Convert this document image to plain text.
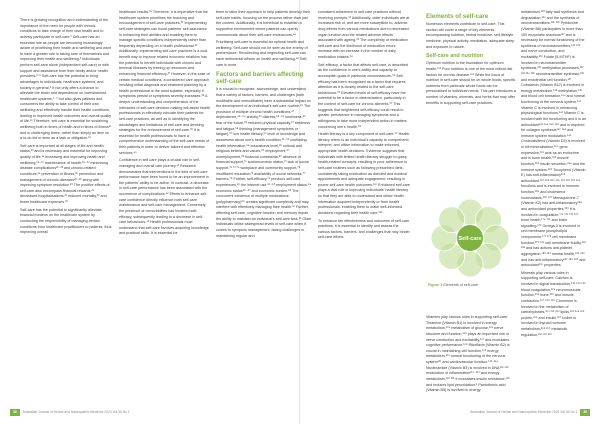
There is growing recognition and understanding of the importance of the need for people with chronic conditions to take charge of their own health and to actively participate in self-care.¹ Self-care has an essential role as people are becoming increasingly aware of prioritising their health and wellbeing and want to have a greater role in taking care of themselves and improving their health and wellbeing.² Individuals perform self-care alone (independent self-care) or with support and assistance from their family and/or health providers.³⁻⁵ Self-care has the potential to bring advantages to individuals, healthcare systems, and society in general.⁶ It not only offers a chance to alleviate the strain and dependence on overwhelmed healthcare systems,⁷⁻⁹ but also gives patients and consumers the ability to take control of their own wellbeing and effectively handle their health conditions, leading to improved health outcomes and overall quality of life.¹⁰ Therefore, self-care is essential for sustaining wellbeing both in times of health and in times of illness¹¹ and in challenging times, rather than simply an item on a to-do list or seen as a task or obligation.¹²

Self-care is important at all stages of life and health status,¹³ and is necessary and essential for improving quality of life,¹⁴ increasing and improving health and wellbeing,¹⁵⁻¹⁷ maintenance of health,¹⁸⁻²⁰ minimising disease complications²¹⁻²³ and chronic-related conditions,²⁴ prevention of illness,²⁵ prevention and management of chronic diseases²⁶⁻²⁸ along with improving symptom resolution.²⁹ The positive effects of self-care also encompass financial rewards,³⁰ decreased hospitalisations,³¹ reduced mortality,³² and fewer healthcare expenses.³³

Self-care has the potential to significantly alleviate financial burdens on the healthcare system by conducting the responsibility of managing certain conditions from healthcare practitioners to patients, thus improving overall

healthcare results.³⁴ Therefore, it is imperative that the healthcare system prioritises the teaching and encouragement of self-care practices.³⁵ Implementing self-care strategies can boost patients' self-assurance in enhancing their abilities and enabling them to manage specific conditions independently rather than frequently depending on a health professional.³⁶ Additionally, implementing self-care practices is a cost-benefit way to improve related economic relations has the potential to benefit individuals with chronic and terminal illnesses by freeing up resources and enhancing financial efficiency.³⁷ However, in the case of certain medical conditions, a considered care approach involving initial diagnosis and treatment planning by a health professional is the most suitable, especially if symptoms persist or symptoms severity increases.³⁸ A deeper understanding and comprehension of the intricacies of self-care decision-making will assist health professionals in effectively educate their patients for self-care practices, as well as in identifying the advantages and limitations of self-care and devising strategies for the enhancement of self-care.³⁹ It is essential for health professionals to have a comprehensive understanding of the self-care needs of their patients in order to deliver tailored and effective services.⁴⁰

Confidence in self-care plays a crucial role in self-managing and overall care journey.⁴¹ Research demonstrates that interventions in the field of self-care performance have been found to be an improvement in the patients' ability to be active. In contrast, a decrease in self-care performance has been associated with the occurrence of complications.⁴² Efforts to enhance self-care confidence directly influence both self-care maintenance and self-care management. Conversely, the presence of comorbidities has hindered self-efficacy, subsequently leading to a decrease in self-care behaviours.⁴³ Health professionals must understand that self-care involves acquiring knowledge and practical skills. It is essential for

them to tailor their approach to help patients develop their self-care habits, focusing on the process rather than just the content. Additionally, it is beneficial to establish a supportive environment where patients can openly communicate about their self-care endeavours.⁴⁴

Prioritising self-care is essential for optimal health and wellbeing. Self-care should not be seen as the enemy of performance. Recollecting and neglecting self-care can have detrimental effects on health and wellbeing.⁴⁵ Self-care is more.

Factors and barriers affecting self-care

It is crucial to recognise, acknowledge, and understand that a variety of factors, barriers, and challenges (both modifiable and unmodifiable) have a substantial impact on the development of an individual's self-care routine.⁴⁶ The provision of multiple chronic health conditions,⁴⁷ dependence,⁴⁸⁻⁵⁰ anxiety,⁵¹ distress,⁵²⁻⁵⁴ loneliness,⁵⁵ fear of the future,⁵⁶ reduced physical capacity,⁵⁷ tiredness and fatigue,⁵⁸ thinking (management symptoms or fatigue),⁵⁹ low health literacy,⁶⁰ level of knowledge and awareness about one's health condition,⁶¹⁻⁶³ conflicting health information,⁶⁴ educational level,⁶⁵ cultural and religious beliefs and values,⁶⁶ employment,⁶⁷ unemployment,⁶⁸ financial constraints,⁶⁹ absence of financial support,⁷⁰ socioeconomic status,⁷¹ lack of social support,⁷² ⁷³ ⁷⁴ workplace and community support,⁷⁵ insufficient education⁷⁶ availability of social networks,⁷⁷ barriers,⁷⁸ Further, self-efficacy,⁷⁹ previous self-care experiences,⁸⁰ the internet use,⁸¹⁻⁸³ employment status,⁸⁴ economic status⁸⁵⁻⁸⁷ and economic burden.⁸⁸ The concurrent existence of multiple medications (polypharmacy)⁸⁹ creates significant complexity and may interfere with effectively managing their health.⁹⁰ Further affecting self-care, cognitive function and memory impair the ability to maintain an individual's self-care task.⁹¹ Older individuals utilise widespread levels of self-care when it comes to symptom management, facing challenges in maintaining regular and

consistent adherence to self-care practices without receiving prompts.⁹² Additionally, older individuals are at increased risk of, and are more susceptible to, adverse drug effects from various medications due to decreased organ function and the related adverse effects associated with ageing.⁹³ The complexity of medication self-care and the likelihood of medication errors increase with an increase in the number of daily medication intakes.⁹⁴

Self-efficacy, a factor that affects self-care, is described as the confidence in one's ability and capacity to accomplish goals in particular circumstances.⁹⁵ Self-efficacy has been recognised as a factor that requires attention as it is closely related to the self-care behaviours.⁹⁶ Elevated levels of self-efficacy have the potential to be a factor in determination, particularly in the context of self-care for chronic ailments.⁹⁷ This suggests that heightened self-efficacy could result in greater persistence in managing symptoms and a willingness to take more independent action in matters concerning one's health.⁹⁸

Health literacy is a key component of self-care.⁹⁹ Health literacy refers to an individual's capacity to comprehend, interpret, and utilise information to make informed, appropriate health decisions. Evidence suggests that individuals with limited health literacy struggle to grasp health-related concepts, resulting in poor adherence to self-care routines such as following prescribed diets, consistently taking medication as directed and medical appointments and adequate engagement, resulting in poorer self-care health outcomes.¹⁰⁰ Enhanced self-care plays a vital role in improving individuals' health literacy so that they are able to understand and utilise health information acquired independently or from health professionals, enabling them to make well-informed decisions regarding their health care.¹⁰¹

To enhance the effectiveness and outcomes of self-care practices, it is essential to identify and assess the various factors, barriers, and challenges that may hinder self-care efforts.

Elements of self-care

Numerous elements contribute to self-care. This section will cover a range of key elements, encompassing nutrition, herbal medicine, self-lifestyle medicine, physical activity, meditation, adequate sleep and exposure to nature.

Self-care and nutrition

Optimum nutrition is the foundation for optimum health.¹⁰² Poor nutrition is one of the most critical risk factors for chronic disease.¹⁰³ While the focus of nutrition in self-care should be on whole foods, specific nutrients from particular whole foods can be personalised to individual needs. This part introduces a number of vitamins, minerals, and herbs that may offer benefits in supporting self-care practices.

Vitamins play various roles in supporting self-care. Thiamine (Vitamin B1) is involved in energy metabolism,¹⁰⁴ metabolism of glucose,¹⁰⁵ nerve structure and function,¹⁰⁶ plays an important role in nerve conduction and excitability,¹⁰⁷ and modulates cognitive performance.¹⁰⁸ Riboflavin (Vitamin B2) is crucial in maintaining cell function,¹⁰⁹ energy metabolism,¹¹⁰ normal functioning of the nervous system¹¹¹ and cardiovascular function.¹¹²⁻¹¹⁴ Nicotinamide (Vitamin B3) is involved in DNA¹¹⁵ ¹¹⁶ modulation of inflammation¹¹⁷⁻¹¹⁹ and energy metabolism,¹²⁰ ¹²¹ it modulates insulin resistance,¹²² and reduces lipid peroxidation.¹ Pantothenic acid (Vitamin B5) is involved in energy

metabolism,¹²³ fatty acid synthesis and degradation,¹²⁴ and the synthesis of neurotransmitters.¹²⁵ ¹²⁶ Pyridoxine (Vitamin B6) participates in more than 100 enzymatic reactions¹²⁷ and is necessary for normal functioning of the synthesis of neurotransmitters,¹²⁸ ¹²⁹ and nerve conduction, and excitability.¹³⁰ Folate (5-MTHF) is involved in neurotransmitter synthesis,¹³¹ methylation processes,¹³² ¹³³ ¹³⁴ ¹³⁵ neurotransmitter synthesis,¹³⁶ and endothelial cell function.¹³⁷ Cobalamin (Vitamin B12) is involved in energy metabolism,¹³⁸ methylation,¹³⁹ and blood cell formation,¹⁴⁰ and normal functioning of the nervous system.¹⁴¹ Vitamin C is involved in enhancing physiological functions,¹⁴² Vitamin C is involved with the functioning and it is an antioxidant¹⁴³ ¹⁴⁴ ¹⁴⁵ ¹⁴⁶ and is required for collagen synthesis¹⁴⁷ ¹⁴⁸ and immune system modulation.¹⁴⁹ Cholecalciferol (Vitamin D3) is involved in bill mineralisation,¹⁵⁰ gene expression,¹⁵¹ acts as an endocrine and is bone health,¹⁵² muscle function,¹⁵³ insulin secretion,¹⁵⁴ and the immune system.¹⁵⁵ Tocopherol (Vitamin E) has anti-inflammatory¹⁵⁶ antioxidant,¹⁵⁷ ¹⁵⁸ ¹⁵⁹ ¹⁶⁰ ¹⁶¹ ¹⁶² ¹⁶³ ¹⁶⁴ functions and is involved in immune function,¹⁶⁵ and cholesterol homeostasis.¹⁶⁶ ¹⁶⁷ Menaquinone-7 (Vitamin K2) has anti-inflammatory¹⁶⁸ and antioxidant properties,¹⁶⁹ it is involved in coagulation,¹⁷⁰ ¹⁷¹ ¹⁷² ¹⁷³ bone health,¹⁷⁴ ¹⁷⁵ and brain signalling.¹⁷⁶ Omega-3 is involved in cell membrane phospholipid components,¹⁷⁷ ¹⁷⁸ cell membrane function,¹⁷⁹ ¹⁸⁰ cell membrane fluidity,¹⁸¹ ¹⁸² and has actions anti-platelet aggregation,¹⁸³ ¹⁸⁴ mental health,¹⁸⁵ ¹⁸⁶ and has anti-inflammatory¹⁸⁷ ¹⁸⁸ ¹⁸⁹ and antioxidant¹⁹⁰ properties.

Minerals play various roles in supporting self-care. Calcium is involved in signal transduction,¹⁹¹ ¹⁹² ¹⁹³ blood coagulation,¹⁹⁴ neuromuscular function,¹⁹⁵ bone,¹⁹⁶ and muscle contraction.¹⁹⁷ ¹⁹⁸ ¹⁹⁹ Chromium is involved in the metabolism of carbohydrates,²⁰⁰ ²⁰¹ ²⁰² lipids,²⁰³ ²⁰⁴ ²⁰⁵ protein,²⁰⁶ and insulin.²⁰⁷ Iodine is involved in thyroid hormone metabolism,²⁰⁸ ²⁰⁹ metabolic regulation,²¹⁰ ²¹¹ ²¹²

Self-care
Figure 1 Elements of self-care
38 Australian Journal of Herbal and Naturopathic Medicine 2024 Vol 36 No 1	Australian Journal of Herbal and Naturopathic Medicine 2024 Vol 36 No 1 39
